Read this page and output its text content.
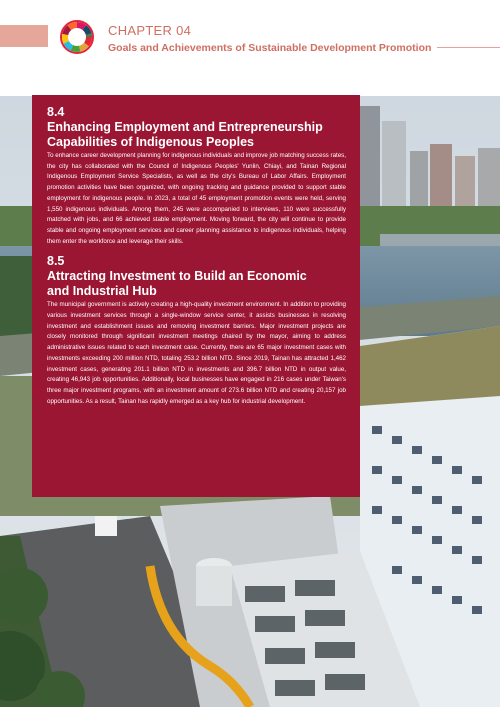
CHAPTER 04
Goals and Achievements of Sustainable Development Promotion
8.4
Enhancing Employment and Entrepreneurship
Capabilities of Indigenous Peoples
To enhance career development planning for indigenous individuals and improve job matching success rates, the city has collaborated with the Council of Indigenous Peoples' Yunlin, Chiayi, and Tainan Regional Indigenous Employment Service Specialists, as well as the city's Bureau of Labor Affairs. Employment promotion activities have been organized, with ongoing tracking and guidance provided to support stable employment for indigenous people. In 2023, a total of 45 employment promotion events were held, serving 1,550 indigenous individuals. Among them, 245 were accompanied to interviews, 110 were successfully matched with jobs, and 66 achieved stable employment. Moving forward, the city will continue to provide stable and ongoing employment services and career planning assistance to indigenous individuals, helping them enter the workforce and leverage their skills.
8.5
Attracting Investment to Build an Economic
and Industrial Hub
The municipal government is actively creating a high-quality investment environment. In addition to providing various investment services through a single-window service center, it assists businesses in resolving investment and establishment issues and removing investment barriers. Major investment projects are closely monitored through significant investment meetings chaired by the mayor, aiming to address administrative issues related to each investment case. Currently, there are 65 major investment cases with investments exceeding 200 million NTD, totaling 253.2 billion NTD. Since 2019, Tainan has attracted 1,462 investment cases, generating 201.1 billion NTD in investments and 396.7 billion NTD in output value, creating 46,943 job opportunities. Additionally, local businesses have engaged in 216 cases under Taiwan's three major investment programs, with an investment amount of 273.6 billion NTD and creating 20,157 job opportunities. As a result, Tainan has rapidly emerged as a key hub for industrial development.
